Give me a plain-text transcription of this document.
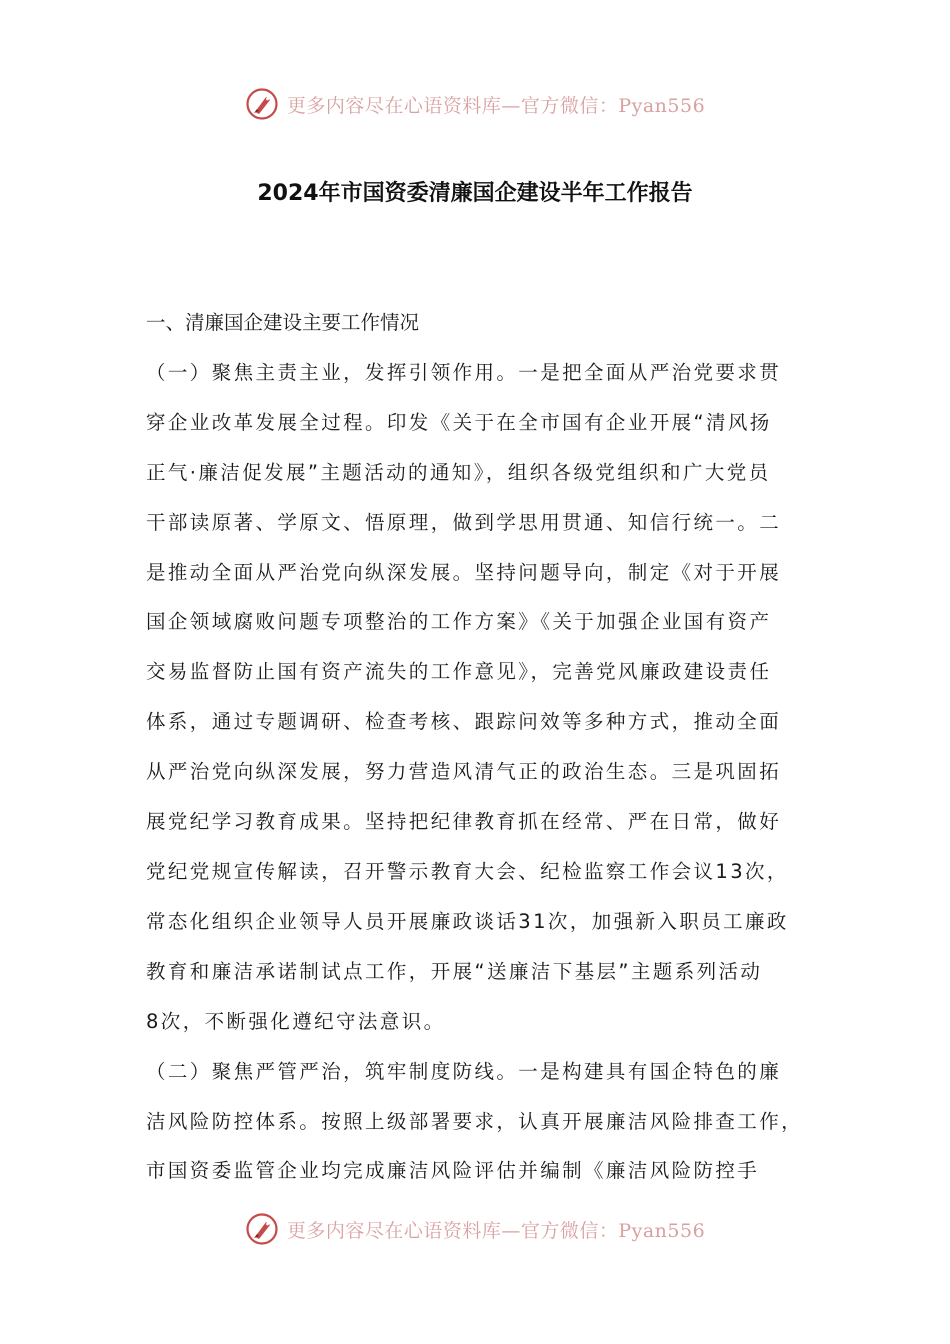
更多内容尽在心语资料库—官方微信：Pyan556
2024年市国资委清廉国企建设半年工作报告

一、清廉国企建设主要工作情况

（一）聚焦主责主业，发挥引领作用。一是把全面从严治党要求贯

穿企业改革发展全过程。印发《关于在全市国有企业开展“清风扬

正气·廉洁促发展”主题活动的通知》，组织各级党组织和广大党员

干部读原著、学原文、悟原理，做到学思用贯通、知信行统一。二

是推动全面从严治党向纵深发展。坚持问题导向，制定《对于开展

国企领域腐败问题专项整治的工作方案》《关于加强企业国有资产

交易监督防止国有资产流失的工作意见》，完善党风廉政建设责任

体系，通过专题调研、检查考核、跟踪问效等多种方式，推动全面

从严治党向纵深发展，努力营造风清气正的政治生态。三是巩固拓

展党纪学习教育成果。坚持把纪律教育抓在经常、严在日常，做好

党纪党规宣传解读，召开警示教育大会、纪检监察工作会议13次，

常态化组织企业领导人员开展廉政谈话31次，加强新入职员工廉政

教育和廉洁承诺制试点工作，开展“送廉洁下基层”主题系列活动

8次，不断强化遵纪守法意识。

（二）聚焦严管严治，筑牢制度防线。一是构建具有国企特色的廉

洁风险防控体系。按照上级部署要求，认真开展廉洁风险排查工作，

市国资委监管企业均完成廉洁风险评估并编制《廉洁风险防控手

更多内容尽在心语资料库—官方微信：Pyan556
